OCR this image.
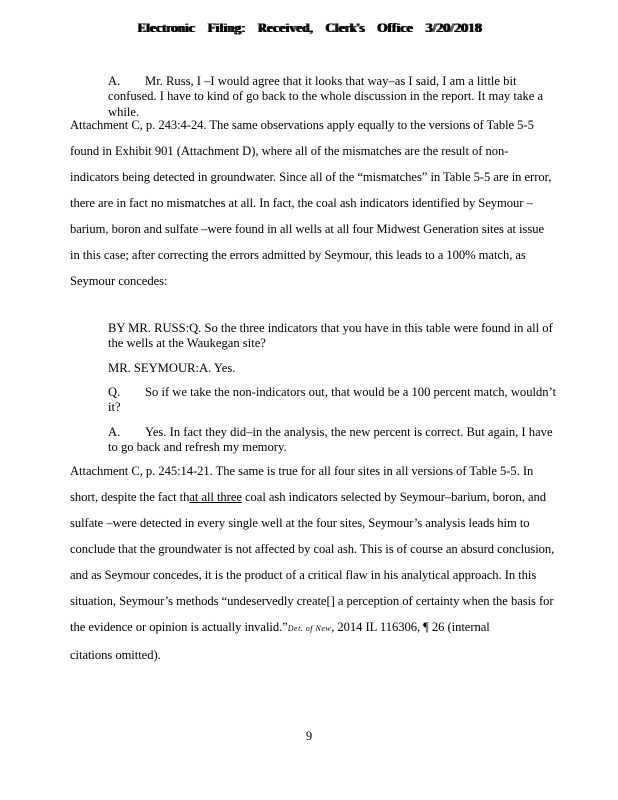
Electronic Filing: Received, Clerk's Office 3/20/2018
A. Mr. Russ, I –I would agree that it looks that way–as I said, I am a little bit
confused. I have to kind of go back to the whole discussion in the report. It may take a
while.
Attachment C, p. 243:4-24. The same observations apply equally to the versions of Table 5-5
found in Exhibit 901 (Attachment D), where all of the mismatches are the result of non-
indicators being detected in groundwater. Since all of the “mismatches” in Table 5-5 are in error,
there are in fact no mismatches at all. In fact, the coal ash indicators identified by Seymour –
barium, boron and sulfate –were found in all wells at all four Midwest Generation sites at issue
in this case; after correcting the errors admitted by Seymour, this leads to a 100% match, as
Seymour concedes:
BY MR. RUSS:Q. So the three indicators that you have in this table were found in all of
the wells at the Waukegan site?
MR. SEYMOUR:A. Yes.
Q. So if we take the non-indicators out, that would be a 100 percent match, wouldn’t
it?
A. Yes. In fact they did–in the analysis, the new percent is correct. But again, I have
to go back and refresh my memory.
Attachment C, p. 245:14-21. The same is true for all four sites in all versions of Table 5-5. In
short, despite the fact that all three coal ash indicators selected by Seymour–barium, boron, and
sulfate –were detected in every single well at the four sites, Seymour’s analysis leads him to
conclude that the groundwater is not affected by coal ash. This is of course an absurd conclusion,
and as Seymour concedes, it is the product of a critical flaw in his analytical approach. In this
situation, Seymour’s methods “undeservedly create[] a perception of certainty when the basis for
the evidence or opinion is actually invalid.”Det. of New, 2014 IL 116306, ¶ 26 (internal
citations omitted).
9
